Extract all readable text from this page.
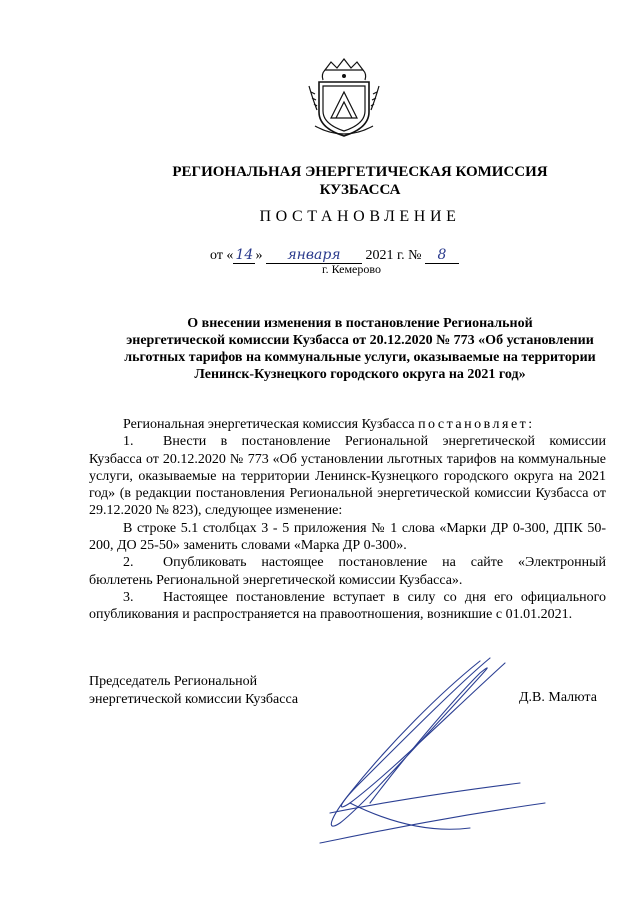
РЕГИОНАЛЬНАЯ ЭНЕРГЕТИЧЕСКАЯ КОМИССИЯ
КУЗБАССА
ПОСТАНОВЛЕНИЕ
от « 14 » января 2021 г. № 8
г. Кемерово
О внесении изменения в постановление Региональной
энергетической комиссии Кузбасса от 20.12.2020 № 773 «Об установлении
льготных тарифов на коммунальные услуги, оказываемые на территории
Ленинск-Кузнецкого городского округа на 2021 год»

Региональная энергетическая комиссия Кузбасса постановляет:

1. Внести в постановление Региональной энергетической комиссии Кузбасса от 20.12.2020 № 773 «Об установлении льготных тарифов на коммунальные услуги, оказываемые на территории Ленинск-Кузнецкого городского округа на 2021 год» (в редакции постановления Региональной энергетической комиссии Кузбасса от 29.12.2020 № 823), следующее изменение:

В строке 5.1 столбцах 3 - 5 приложения № 1 слова «Марки ДР 0-300, ДПК 50-200, ДО 25-50» заменить словами «Марка ДР 0-300».

2. Опубликовать настоящее постановление на сайте «Электронный бюллетень Региональной энергетической комиссии Кузбасса».

3. Настоящее постановление вступает в силу со дня его официального опубликования и распространяется на правоотношения, возникшие с 01.01.2021.

Председатель Региональной
энергетической комиссии Кузбасса	Д.В. Малюта
